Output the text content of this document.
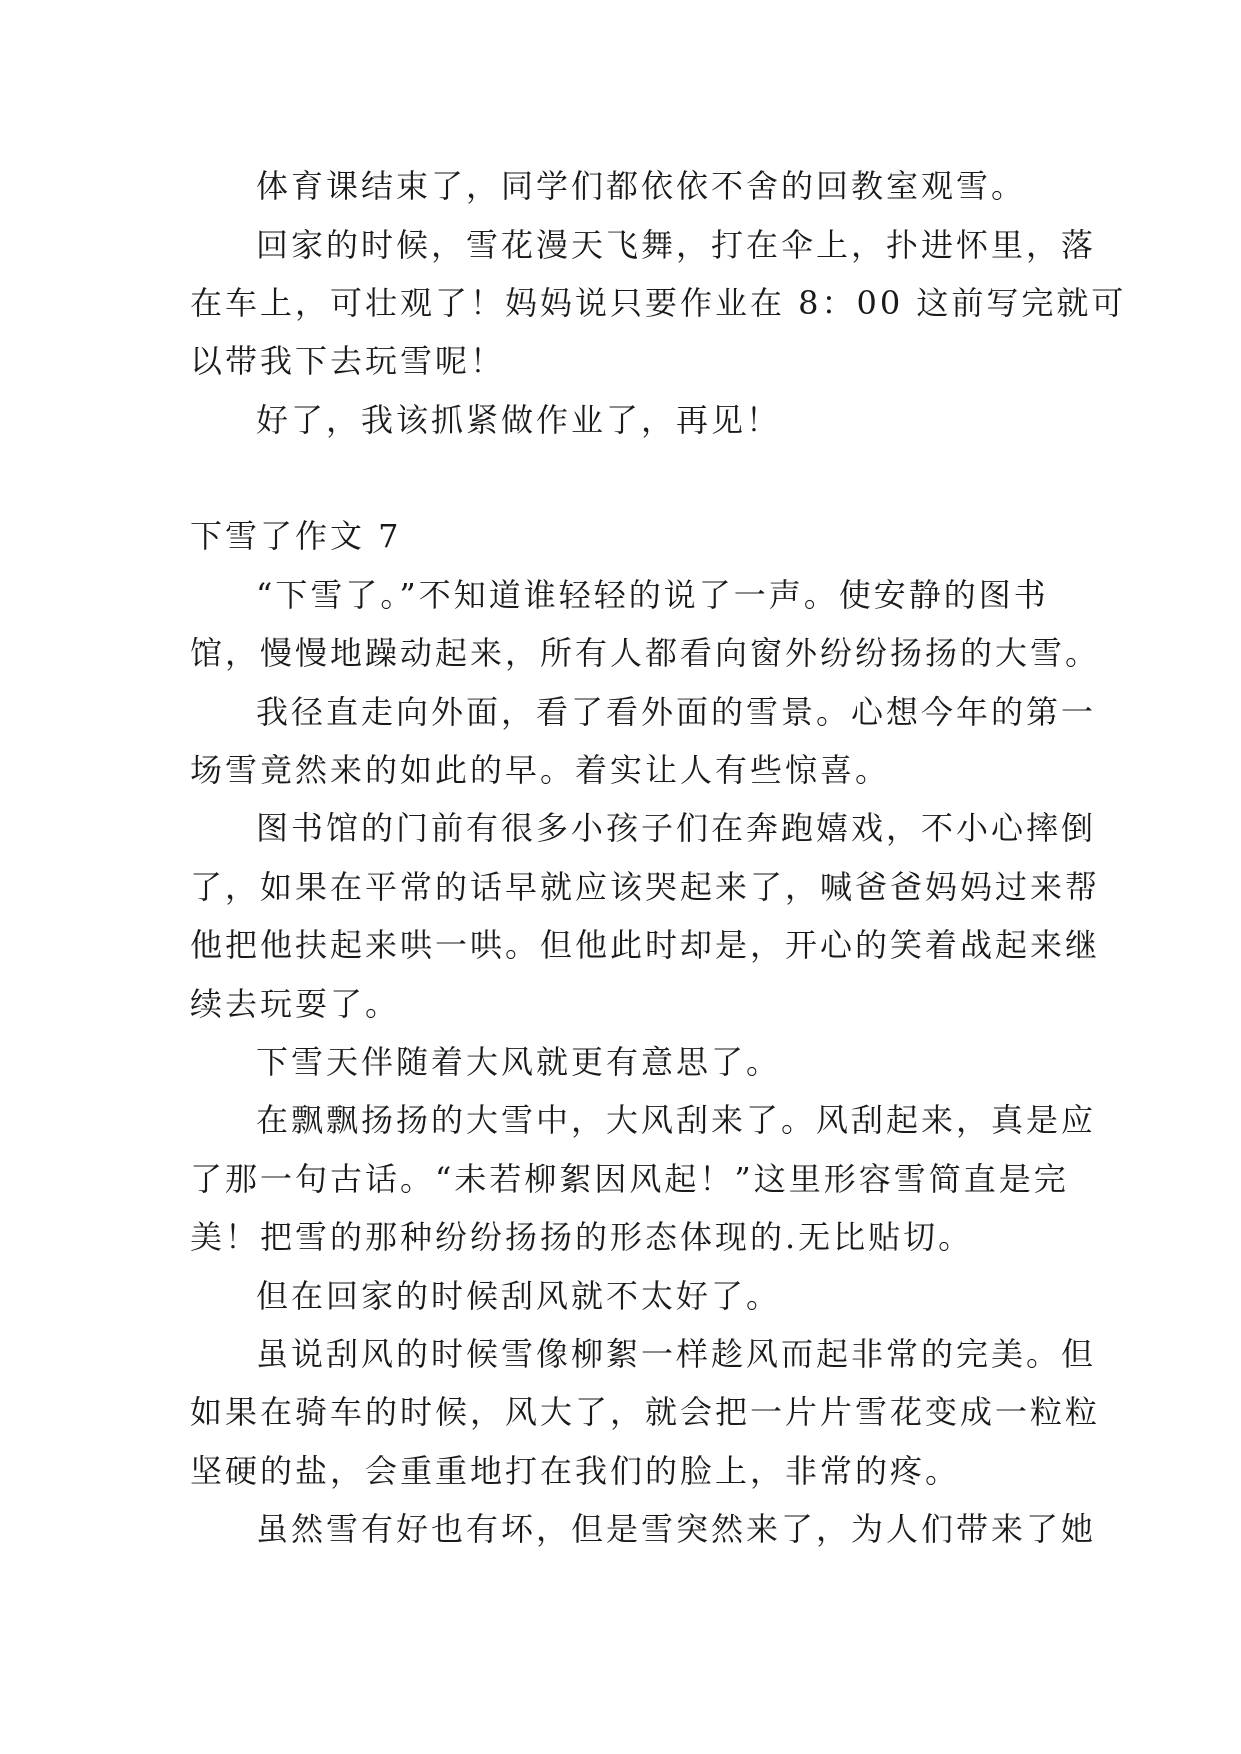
体育课结束了，同学们都依依不舍的回教室观雪。
回家的时候，雪花漫天飞舞，打在伞上，扑进怀里，落
在车上，可壮观了！妈妈说只要作业在 8：00 这前写完就可
以带我下去玩雪呢！
好了，我该抓紧做作业了，再见！
下雪了作文 7
“下雪了。”不知道谁轻轻的说了一声。使安静的图书
馆，慢慢地躁动起来，所有人都看向窗外纷纷扬扬的大雪。
我径直走向外面，看了看外面的雪景。心想今年的第一
场雪竟然来的如此的早。着实让人有些惊喜。
图书馆的门前有很多小孩子们在奔跑嬉戏，不小心摔倒
了，如果在平常的话早就应该哭起来了，喊爸爸妈妈过来帮
他把他扶起来哄一哄。但他此时却是，开心的笑着战起来继
续去玩耍了。
下雪天伴随着大风就更有意思了。
在飘飘扬扬的大雪中，大风刮来了。风刮起来，真是应
了那一句古话。“未若柳絮因风起！”这里形容雪简直是完
美！把雪的那种纷纷扬扬的形态体现的.无比贴切。
但在回家的时候刮风就不太好了。
虽说刮风的时候雪像柳絮一样趁风而起非常的完美。但
如果在骑车的时候，风大了，就会把一片片雪花变成一粒粒
坚硬的盐，会重重地打在我们的脸上，非常的疼。
虽然雪有好也有坏，但是雪突然来了，为人们带来了她
